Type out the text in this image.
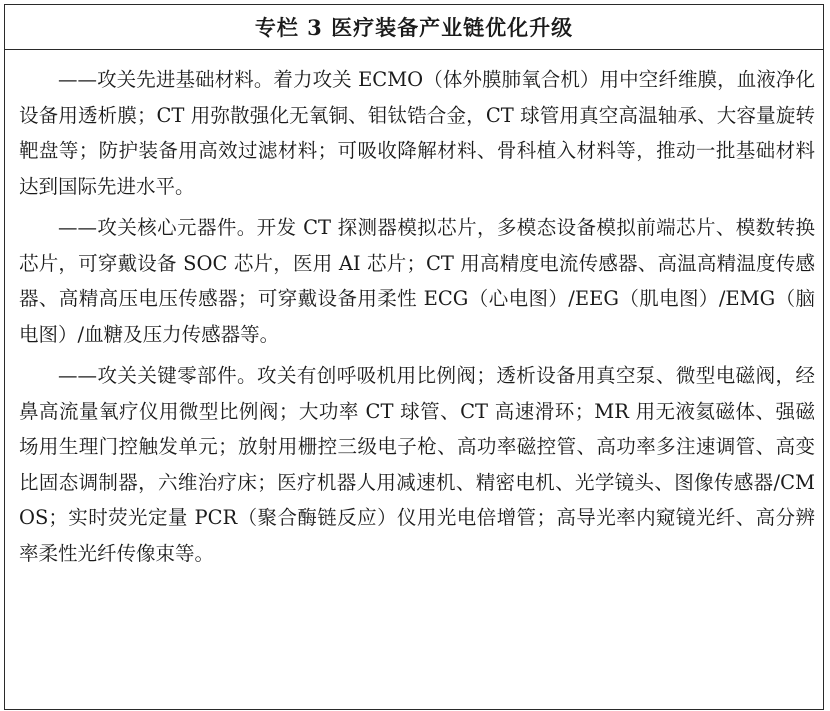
专栏 3 医疗装备产业链优化升级

——攻关先进基础材料。着力攻关 ECMO（体外膜肺氧合机）用中空纤维膜，血液净化设备用透析膜；CT 用弥散强化无氧铜、钼钛锆合金，CT 球管用真空高温轴承、大容量旋转靶盘等；防护装备用高效过滤材料；可吸收降解材料、骨科植入材料等，推动一批基础材料达到国际先进水平。

——攻关核心元器件。开发 CT 探测器模拟芯片，多模态设备模拟前端芯片、模数转换芯片，可穿戴设备 SOC 芯片，医用 AI 芯片；CT 用高精度电流传感器、高温高精温度传感器、高精高压电压传感器；可穿戴设备用柔性 ECG（心电图）/EEG（肌电图）/EMG（脑电图）/血糖及压力传感器等。

——攻关关键零部件。攻关有创呼吸机用比例阀；透析设备用真空泵、微型电磁阀，经鼻高流量氧疗仪用微型比例阀；大功率 CT 球管、CT 高速滑环；MR 用无液氦磁体、强磁场用生理门控触发单元；放射用栅控三级电子枪、高功率磁控管、高功率多注速调管、高变比固态调制器，六维治疗床；医疗机器人用减速机、精密电机、光学镜头、图像传感器/CMOS；实时荧光定量 PCR（聚合酶链反应）仪用光电倍增管；高导光率内窥镜光纤、高分辨率柔性光纤传像束等。
